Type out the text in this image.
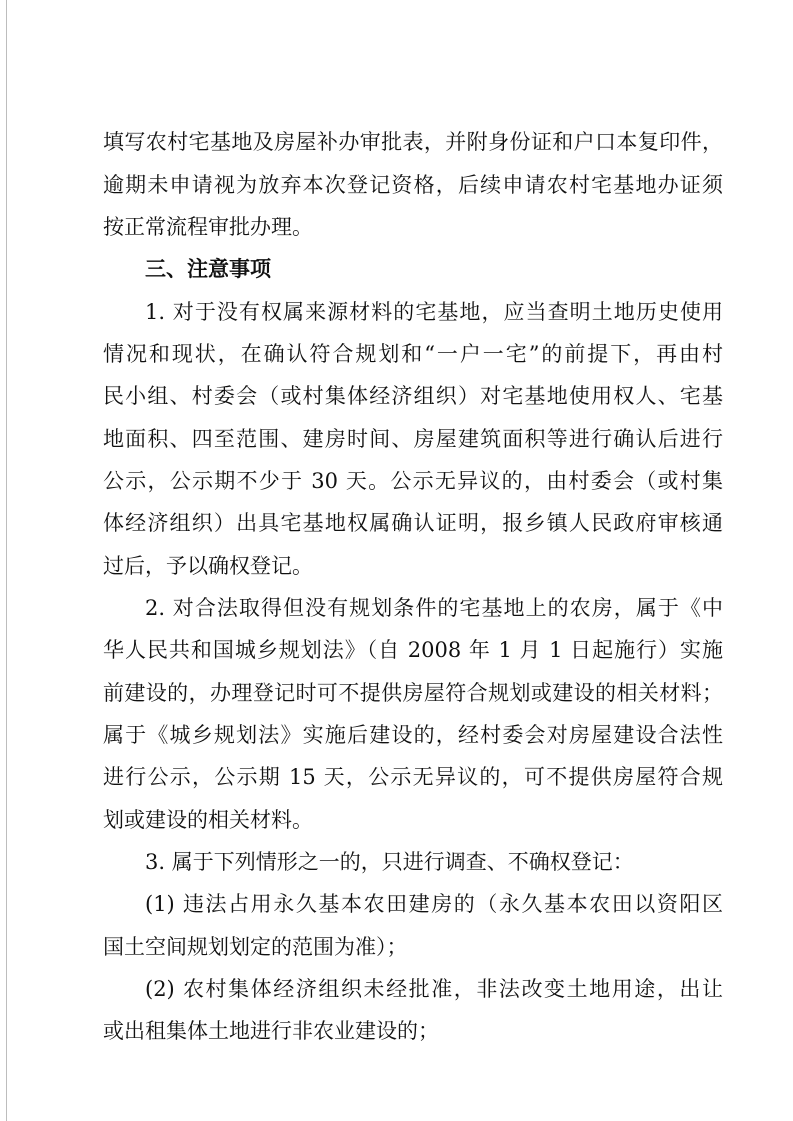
填写农村宅基地及房屋补办审批表，并附身份证和户口本复印件，
逾期未申请视为放弃本次登记资格，后续申请农村宅基地办证须
按正常流程审批办理。
三、注意事项
1. 对于没有权属来源材料的宅基地，应当查明土地历史使用
情况和现状，在确认符合规划和“一户一宅”的前提下，再由村
民小组、村委会（或村集体经济组织）对宅基地使用权人、宅基
地面积、四至范围、建房时间、房屋建筑面积等进行确认后进行
公示，公示期不少于 30 天。公示无异议的，由村委会（或村集
体经济组织）出具宅基地权属确认证明，报乡镇人民政府审核通
过后，予以确权登记。
2. 对合法取得但没有规划条件的宅基地上的农房，属于《中
华人民共和国城乡规划法》（自 2008 年 1 月 1 日起施行）实施
前建设的，办理登记时可不提供房屋符合规划或建设的相关材料；
属于《城乡规划法》实施后建设的，经村委会对房屋建设合法性
进行公示，公示期 15 天，公示无异议的，可不提供房屋符合规
划或建设的相关材料。
3. 属于下列情形之一的，只进行调查、不确权登记：
(1) 违法占用永久基本农田建房的（永久基本农田以资阳区
国土空间规划划定的范围为准）；
(2) 农村集体经济组织未经批准，非法改变土地用途，出让
或出租集体土地进行非农业建设的；
